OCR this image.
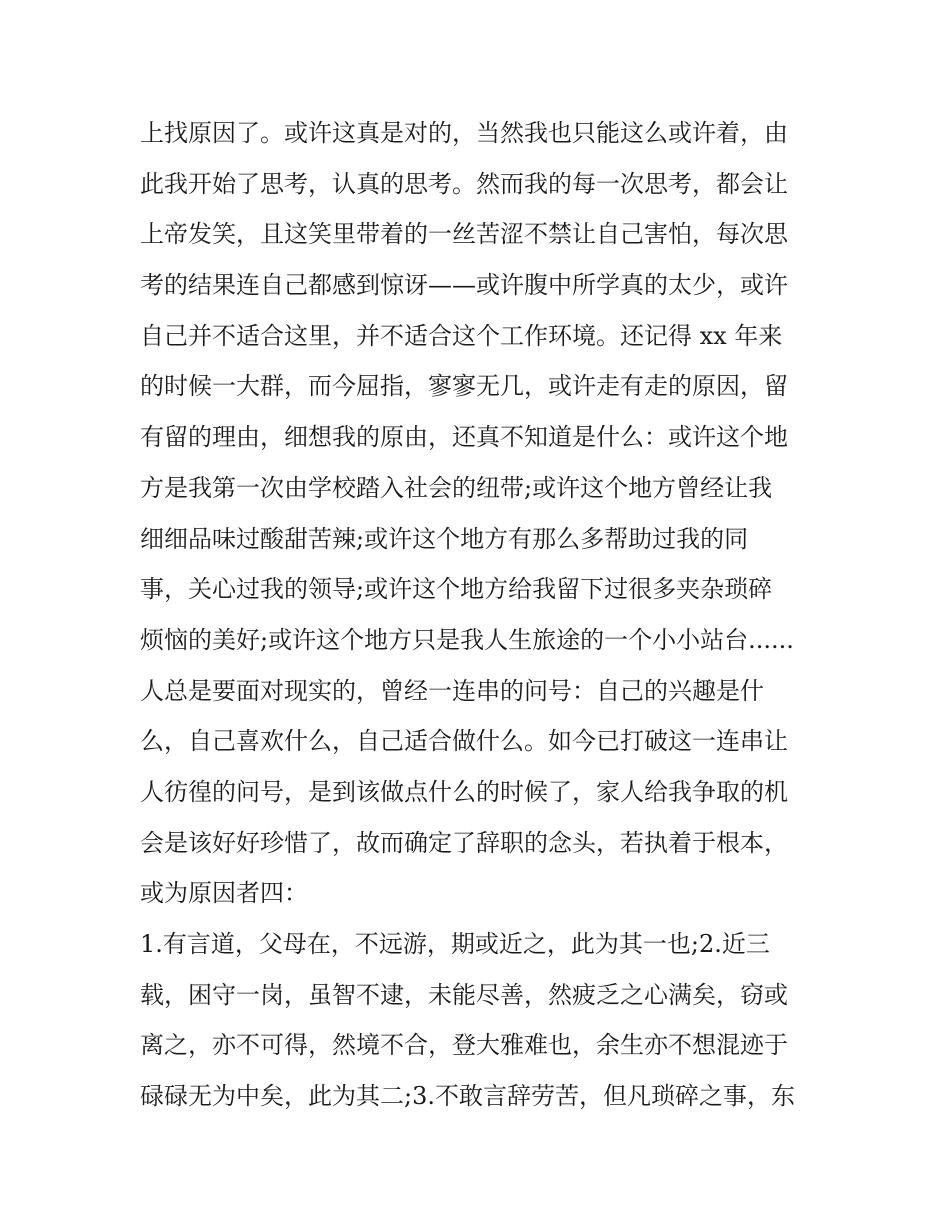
上找原因了。或许这真是对的，当然我也只能这么或许着，由
此我开始了思考，认真的思考。然而我的每一次思考，都会让
上帝发笑，且这笑里带着的一丝苦涩不禁让自己害怕，每次思
考的结果连自己都感到惊讶——或许腹中所学真的太少，或许
自己并不适合这里，并不适合这个工作环境。还记得 xx 年来
的时候一大群，而今屈指，寥寥无几，或许走有走的原因，留
有留的理由，细想我的原由，还真不知道是什么：或许这个地
方是我第一次由学校踏入社会的纽带;或许这个地方曾经让我
细细品味过酸甜苦辣;或许这个地方有那么多帮助过我的同
事，关心过我的领导;或许这个地方给我留下过很多夹杂琐碎
烦恼的美好;或许这个地方只是我人生旅途的一个小小站台......
人总是要面对现实的，曾经一连串的问号：自己的兴趣是什
么，自己喜欢什么，自己适合做什么。如今已打破这一连串让
人彷徨的问号，是到该做点什么的时候了，家人给我争取的机
会是该好好珍惜了，故而确定了辞职的念头，若执着于根本，
或为原因者四：
1.有言道，父母在，不远游，期或近之，此为其一也;2.近三
载，困守一岗，虽智不逮，未能尽善，然疲乏之心满矣，窃或
离之，亦不可得，然境不合，登大雅难也，余生亦不想混迹于
碌碌无为中矣，此为其二;3.不敢言辞劳苦，但凡琐碎之事，东
